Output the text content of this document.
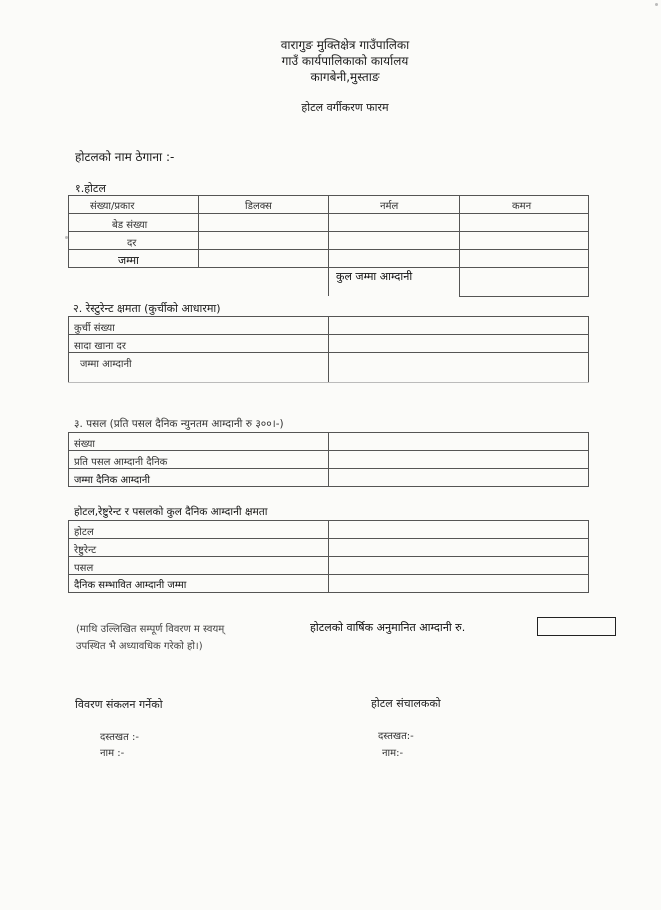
वारागुङ मुक्तिक्षेत्र गाउँपालिका
गाउँ कार्यपालिकाको कार्यालय
कागबेनी,मुस्ताङ
होटल वर्गीकरण फारम
होटलको नाम ठेगाना :-
१.होटल
संख्या/प्रकार	डिलक्स	नर्मल	कमन
बेड संख्या
दर
जम्मा
कुल जम्मा आम्दानी
२. रेस्टुरेन्ट क्षमता (कुर्चीको आधारमा)
कुर्ची संख्या
सादा खाना दर
जम्मा आम्दानी
३. पसल (प्रति पसल दैनिक न्युनतम आम्दानी रु ३००।-)
संख्या
प्रति पसल आम्दानी दैनिक
जम्मा दैनिक आम्दानी
होटल,रेष्टुरेन्ट र पसलको कुल दैनिक आम्दानी क्षमता
होटल
रेष्टुरेन्ट
पसल
दैनिक सम्भावित आम्दानी जम्मा
(माथि उल्लिखित सम्पूर्ण विवरण म स्वयम्
उपस्थित भै अध्यावधिक गरेको हो।)
होटलको वार्षिक अनुमानित आम्दानी रु.
विवरण संकलन गर्नेको
दस्तखत :-
नाम :-
होटल संचालकको
दस्तखत:-
नाम:-
